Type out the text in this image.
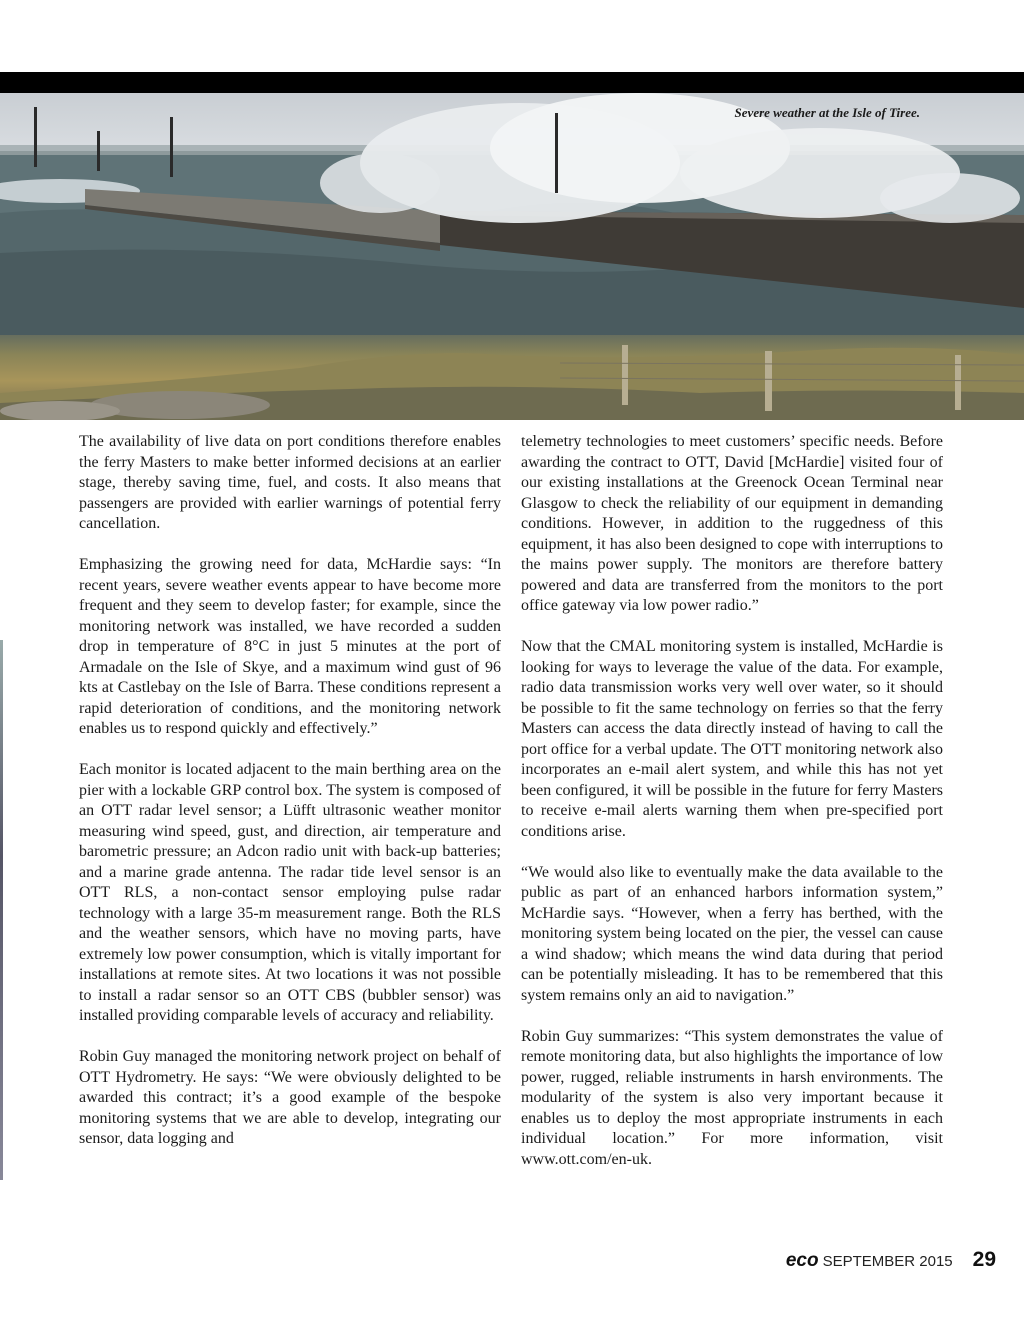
Severe weather at the Isle of Tiree.

The availability of live data on port conditions therefore enables the ferry Masters to make better informed decisions at an earlier stage, thereby saving time, fuel, and costs. It also means that passengers are provided with earlier warnings of potential ferry cancellation.

Emphasizing the growing need for data, McHardie says: “In recent years, severe weather events appear to have become more frequent and they seem to develop faster; for example, since the monitoring network was installed, we have recorded a sudden drop in temperature of 8°C in just 5 minutes at the port of Armadale on the Isle of Skye, and a maximum wind gust of 96 kts at Castlebay on the Isle of Barra. These conditions represent a rapid deterioration of conditions, and the monitoring network enables us to respond quickly and effectively.”

Each monitor is located adjacent to the main berthing area on the pier with a lockable GRP control box. The system is composed of an OTT radar level sensor; a Lüfft ultrasonic weather monitor measuring wind speed, gust, and direction, air temperature and barometric pressure; an Adcon radio unit with back-up batteries; and a marine grade antenna. The radar tide level sensor is an OTT RLS, a non-contact sensor employing pulse radar technology with a large 35-m measurement range. Both the RLS and the weather sensors, which have no moving parts, have extremely low power consumption, which is vitally important for installations at remote sites. At two locations it was not possible to install a radar sensor so an OTT CBS (bubbler sensor) was installed providing comparable levels of accuracy and reliability.

Robin Guy managed the monitoring network project on behalf of OTT Hydrometry. He says: “We were obviously delighted to be awarded this contract; it’s a good example of the bespoke monitoring systems that we are able to develop, integrating our sensor, data logging and

telemetry technologies to meet customers’ specific needs. Before awarding the contract to OTT, David [McHardie] visited four of our existing installations at the Greenock Ocean Terminal near Glasgow to check the reliability of our equipment in demanding conditions. However, in addition to the ruggedness of this equipment, it has also been designed to cope with interruptions to the mains power supply. The monitors are therefore battery powered and data are transferred from the monitors to the port office gateway via low power radio.”

Now that the CMAL monitoring system is installed, McHardie is looking for ways to leverage the value of the data. For example, radio data transmission works very well over water, so it should be possible to fit the same technology on ferries so that the ferry Masters can access the data directly instead of having to call the port office for a verbal update. The OTT monitoring network also incorporates an e-mail alert system, and while this has not yet been configured, it will be possible in the future for ferry Masters to receive e-mail alerts warning them when pre-specified port conditions arise.

“We would also like to eventually make the data available to the public as part of an enhanced harbors information system,” McHardie says. “However, when a ferry has berthed, with the monitoring system being located on the pier, the vessel can cause a wind shadow; which means the wind data during that period can be potentially misleading. It has to be remembered that this system remains only an aid to navigation.”

Robin Guy summarizes: “This system demonstrates the value of remote monitoring data, but also highlights the importance of low power, rugged, reliable instruments in harsh environments. The modularity of the system is also very important because it enables us to deploy the most appropriate instruments in each individual location.” For more information, visit www.ott.com/en-uk.

eco SEPTEMBER 2015 29
